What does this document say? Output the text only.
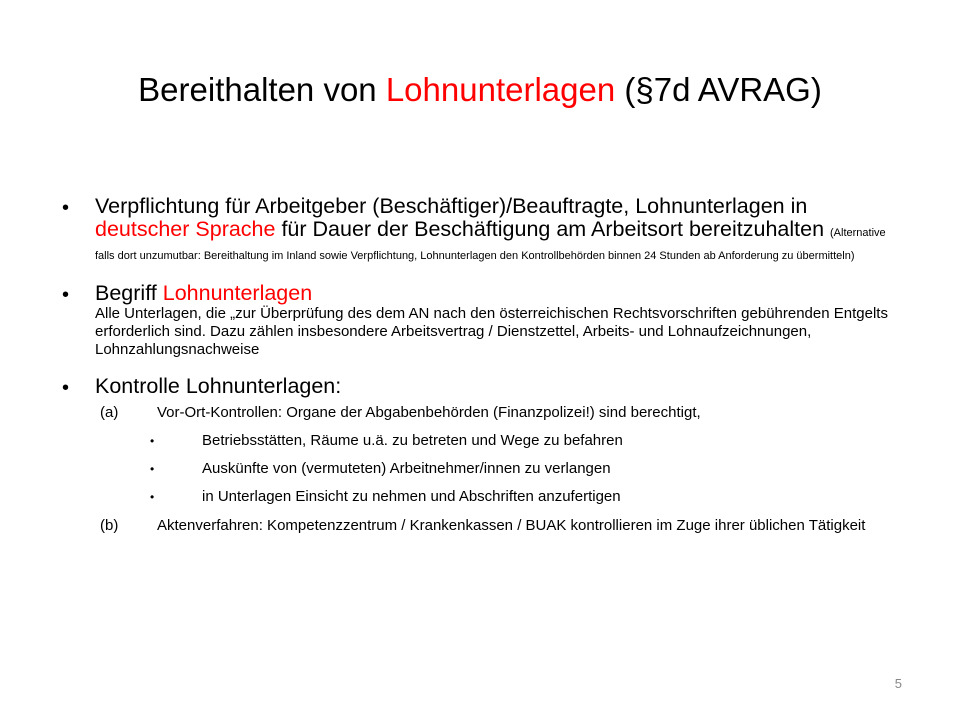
Bereithalten von Lohnunterlagen (§7d AVRAG)
• Verpflichtung für Arbeitgeber (Beschäftiger)/Beauftragte, Lohnunterlagen in deutscher Sprache für Dauer der Beschäftigung am Arbeitsort bereitzuhalten (Alternative falls dort unzumutbar: Bereithaltung im Inland sowie Verpflichtung, Lohnunterlagen den Kontrollbehörden binnen 24 Stunden ab Anforderung zu übermitteln)
• Begriff Lohnunterlagen
Alle Unterlagen, die „zur Überprüfung des dem AN nach den österreichischen Rechtsvorschriften gebührenden Entgelts erforderlich sind. Dazu zählen insbesondere Arbeitsvertrag / Dienstzettel, Arbeits- und Lohnaufzeichnungen, Lohnzahlungsnachweise
• Kontrolle Lohnunterlagen:
(a)	Vor-Ort-Kontrollen: Organe der Abgabenbehörden (Finanzpolizei!) sind berechtigt,
•	Betriebsstätten, Räume u.ä. zu betreten und Wege zu befahren
•	Auskünfte von (vermuteten) Arbeitnehmer/innen zu verlangen
•	in Unterlagen Einsicht zu nehmen und Abschriften anzufertigen
(b)	Aktenverfahren: Kompetenzzentrum / Krankenkassen / BUAK kontrollieren im Zuge ihrer üblichen Tätigkeit
5
